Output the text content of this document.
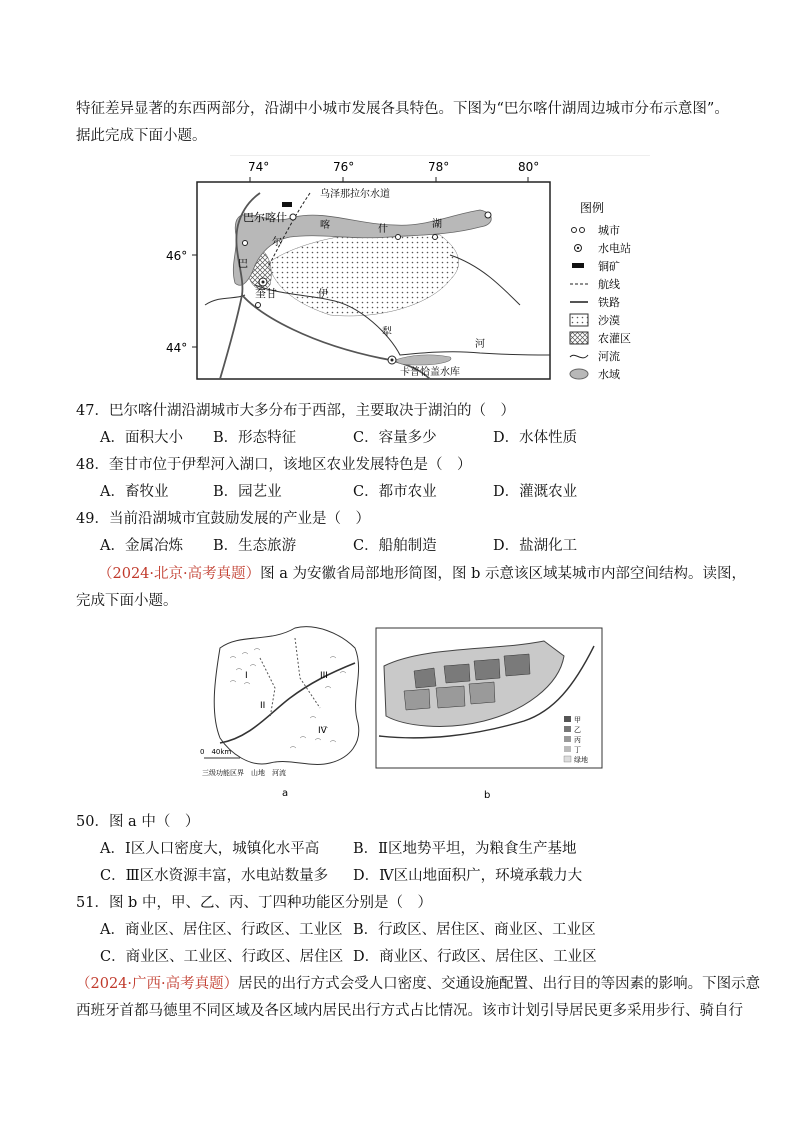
特征差异显著的东西两部分，沿湖中小城市发展各具特色。下图为“巴尔喀什湖周边城市分布示意图”。
据此完成下面小题。
74°	76°	78°	80°
46°
44°
乌泽那拉尔水道
巴尔喀什
奎甘
卡普恰盖水库
尔
喀	什	湖
巴
伊
犁
河
图例
城市
水电站
铜矿
航线
铁路
沙漠
农灌区
河流
水域
47．巴尔喀什湖沿湖城市大多分布于西部，主要取决于湖泊的（　）
A．面积大小 B．形态特征	C．容量多少	D．水体性质
48．奎甘市位于伊犁河入湖口，该地区农业发展特色是（　）
A．畜牧业	B．园艺业	C．都市农业	D．灌溉农业
49．当前沿湖城市宜鼓励发展的产业是（　）
A．金属冶炼 B．生态旅游	C．船舶制造	D．盐湖化工
（2024·北京·高考真题）图 a 为安徽省局部地形简图，图 b 示意该区域某城市内部空间结构。读图，
完成下面小题。
I
II
III
IV
0　40km
三级功能区界　山地　河流
a
甲
乙
丙
丁
绿地
b
50．图 a 中（　）
A．Ⅰ区人口密度大，城镇化水平高 B．Ⅱ区地势平坦，为粮食生产基地
C．Ⅲ区水资源丰富，水电站数量多 D．Ⅳ区山地面积广，环境承载力大
51．图 b 中，甲、乙、丙、丁四种功能区分别是（　）
A．商业区、居住区、行政区、工业区 B．行政区、居住区、商业区、工业区
C．商业区、工业区、行政区、居住区 D．商业区、行政区、居住区、工业区
（2024·广西·高考真题）居民的出行方式会受人口密度、交通设施配置、出行目的等因素的影响。下图示意
西班牙首都马德里不同区域及各区域内居民出行方式占比情况。该市计划引导居民更多采用步行、骑自行
